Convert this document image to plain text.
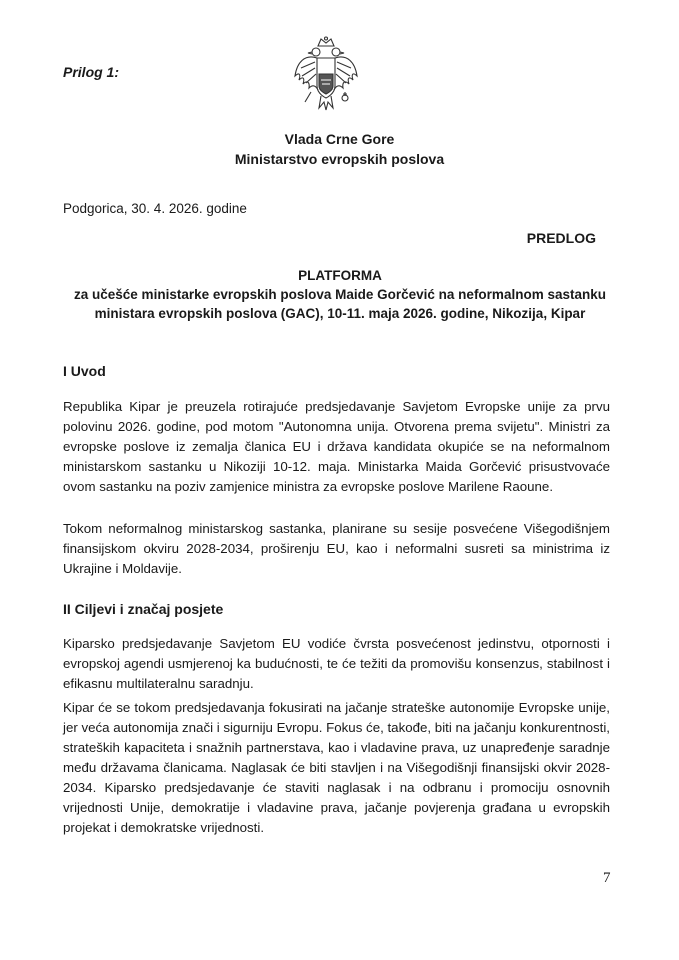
Prilog 1:
Vlada Crne Gore
Ministarstvo evropskih poslova
Podgorica, 30. 4. 2026. godine
PREDLOG
PLATFORMA
za učešće ministarke evropskih poslova Maide Gorčević na neformalnom sastanku ministara evropskih poslova (GAC), 10-11. maja 2026. godine, Nikozija, Kipar
I Uvod
Republika Kipar je preuzela rotirajuće predsjedavanje Savjetom Evropske unije za prvu polovinu 2026. godine, pod motom "Autonomna unija. Otvorena prema svijetu". Ministri za evropske poslove iz zemalja članica EU i država kandidata okupiće se na neformalnom ministarskom sastanku u Nikoziji 10-12. maja. Ministarka Maida Gorčević prisustvovaće ovom sastanku na poziv zamjenice ministra za evropske poslove Marilene Raoune.
Tokom neformalnog ministarskog sastanka, planirane su sesije posvećene Višegodišnjem finansijskom okviru 2028-2034, proširenju EU, kao i neformalni susreti sa ministrima iz Ukrajine i Moldavije.
II Ciljevi i značaj posjete
Kiparsko predsjedavanje Savjetom EU vodiće čvrsta posvećenost jedinstvu, otpornosti i evropskoj agendi usmjerenoj ka budućnosti, te će težiti da promovišu konsenzus, stabilnost i efikasnu multilateralnu saradnju.
Kipar će se tokom predsjedavanja fokusirati na jačanje strateške autonomije Evropske unije, jer veća autonomija znači i sigurniju Evropu. Fokus će, takođe, biti na jačanju konkurentnosti, strateških kapaciteta i snažnih partnerstava, kao i vladavine prava, uz unapređenje saradnje među državama članicama. Naglasak će biti stavljen i na Višegodišnji finansijski okvir 2028-2034. Kiparsko predsjedavanje će staviti naglasak i na odbranu i promociju osnovnih vrijednosti Unije, demokratije i vladavine prava, jačanje povjerenja građana u evropskih projekat i demokratske vrijednosti.
7
